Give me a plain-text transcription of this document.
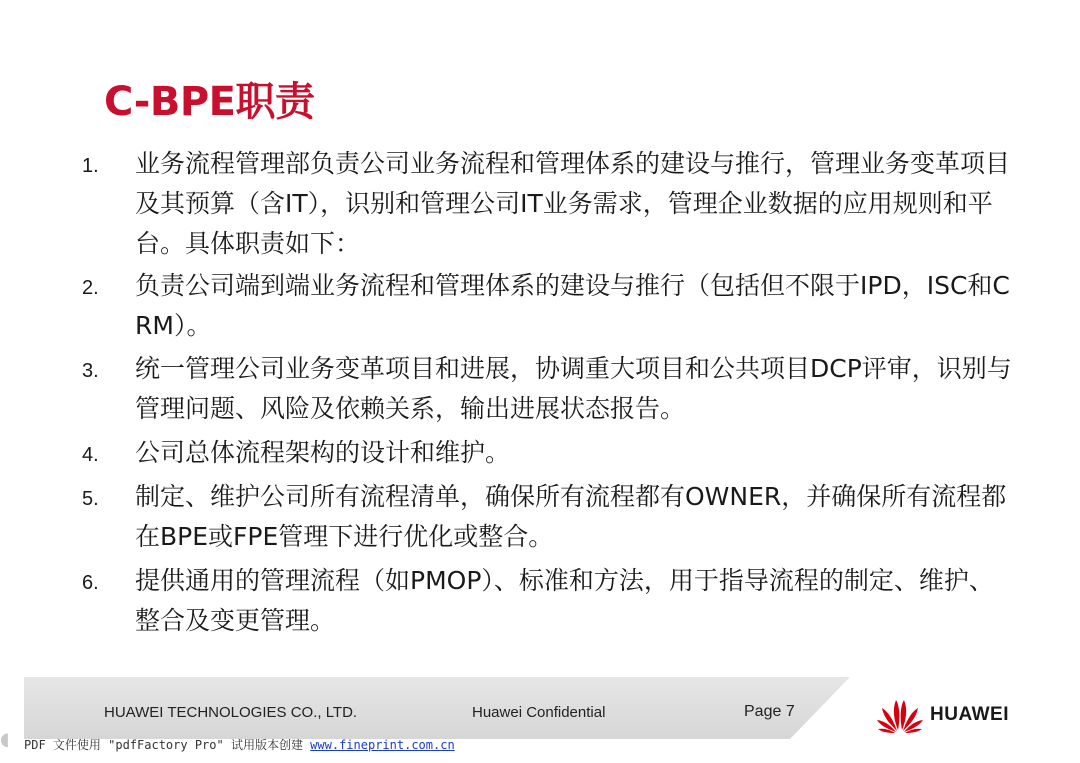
C-BPE职责
1.	业务流程管理部负责公司业务流程和管理体系的建设与推行，管理业务变革项目及其预算（含IT），识别和管理公司IT业务需求，管理企业数据的应用规则和平台。具体职责如下：

2.	负责公司端到端业务流程和管理体系的建设与推行（包括但不限于IPD，ISC和CRM）。

3.	统一管理公司业务变革项目和进展，协调重大项目和公共项目DCP评审，识别与管理问题、风险及依赖关系，输出进展状态报告。

4.	公司总体流程架构的设计和维护。

5.	制定、维护公司所有流程清单，确保所有流程都有OWNER，并确保所有流程都在BPE或FPE管理下进行优化或整合。

6.	提供通用的管理流程（如PMOP）、标准和方法，用于指导流程的制定、维护、整合及变更管理。

HUAWEI TECHNOLOGIES CO., LTD.	Huawei Confidential	Page 7	HUAWEI
◖	PDF 文件使用 "pdfFactory Pro" 试用版本创建 www.fineprint.com.cn
